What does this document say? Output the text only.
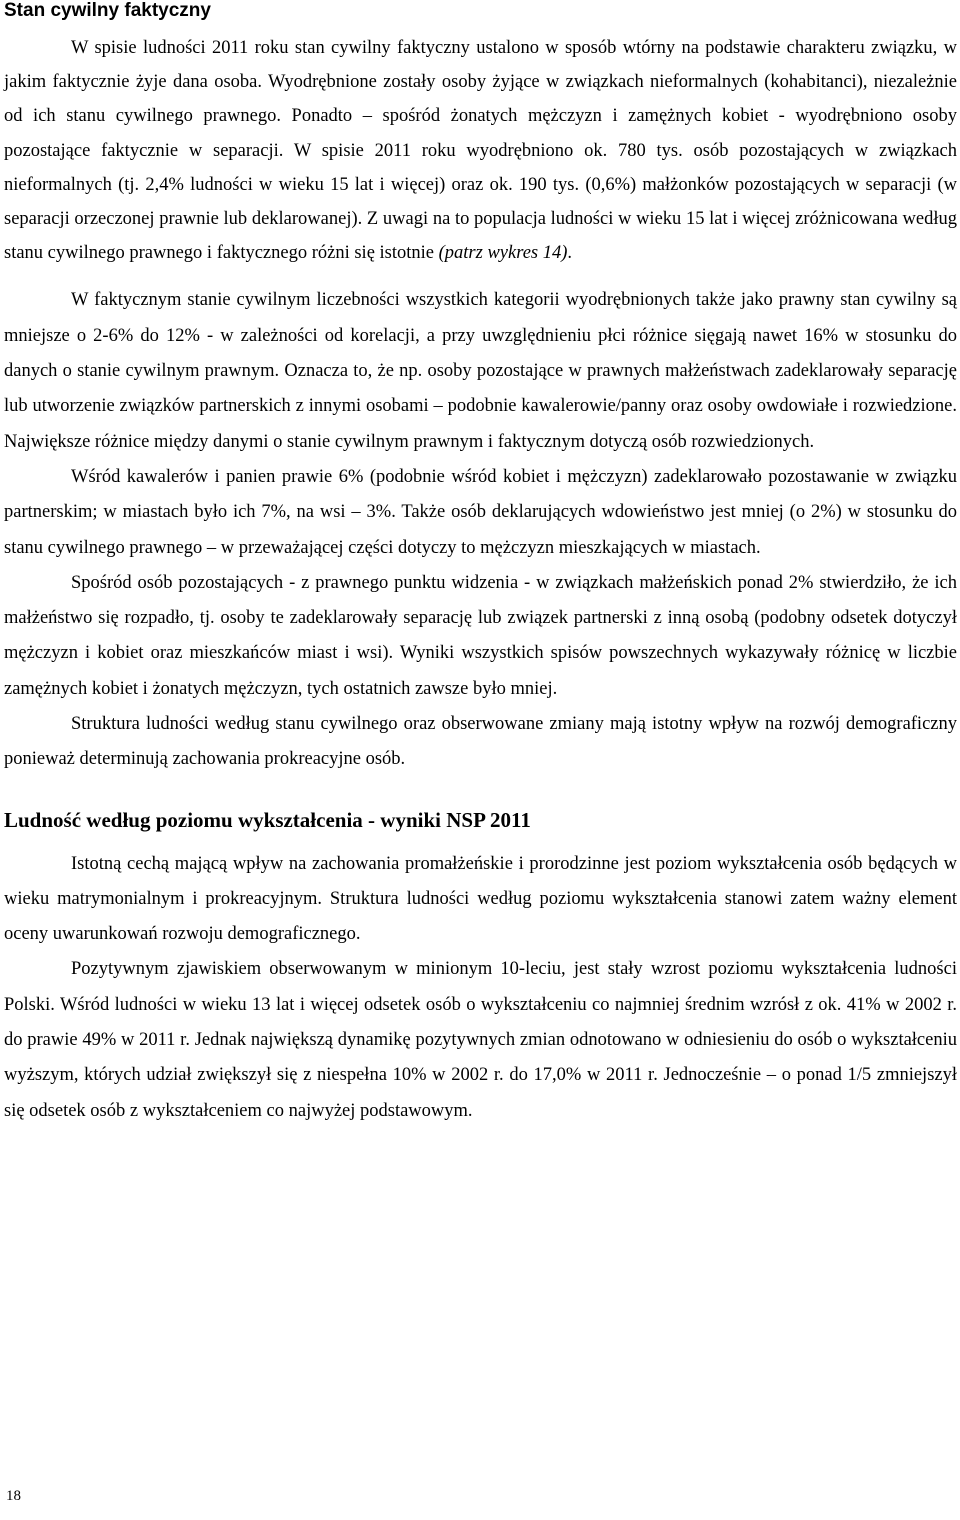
Stan cywilny faktyczny

W spisie ludności 2011 roku stan cywilny faktyczny ustalono w sposób wtórny na podstawie charakteru związku, w jakim faktycznie żyje dana osoba. Wyodrębnione zostały osoby żyjące w związkach nieformalnych (kohabitanci), niezależnie od ich stanu cywilnego prawnego. Ponadto – spośród żonatych mężczyzn i zamężnych kobiet - wyodrębniono osoby pozostające faktycznie w separacji. W spisie 2011 roku wyodrębniono ok. 780 tys. osób pozostających w związkach nieformalnych (tj. 2,4% ludności w wieku 15 lat i więcej) oraz ok. 190 tys. (0,6%) małżonków pozostających w separacji (w separacji orzeczonej prawnie lub deklarowanej). Z uwagi na to populacja ludności w wieku 15 lat i więcej zróżnicowana według stanu cywilnego prawnego i faktycznego różni się istotnie (patrz wykres 14).

W faktycznym stanie cywilnym liczebności wszystkich kategorii wyodrębnionych także jako prawny stan cywilny są mniejsze o 2-6% do 12% - w zależności od korelacji, a przy uwzględnieniu płci różnice sięgają nawet 16% w stosunku do danych o stanie cywilnym prawnym. Oznacza to, że np. osoby pozostające w prawnych małżeństwach zadeklarowały separację lub utworzenie związków partnerskich z innymi osobami – podobnie kawalerowie/panny oraz osoby owdowiałe i rozwiedzione. Największe różnice między danymi o stanie cywilnym prawnym i faktycznym dotyczą osób rozwiedzionych.

Wśród kawalerów i panien prawie 6% (podobnie wśród kobiet i mężczyzn) zadeklarowało pozostawanie w związku partnerskim; w miastach było ich 7%, na wsi – 3%. Także osób deklarujących wdowieństwo jest mniej (o 2%) w stosunku do stanu cywilnego prawnego – w przeważającej części dotyczy to mężczyzn mieszkających w miastach.

Spośród osób pozostających - z prawnego punktu widzenia - w związkach małżeńskich ponad 2% stwierdziło, że ich małżeństwo się rozpadło, tj. osoby te zadeklarowały separację lub związek partnerski z inną osobą (podobny odsetek dotyczył mężczyzn i kobiet oraz mieszkańców miast i wsi). Wyniki wszystkich spisów powszechnych wykazywały różnicę w liczbie zamężnych kobiet i żonatych mężczyzn, tych ostatnich zawsze było mniej.

Struktura ludności według stanu cywilnego oraz obserwowane zmiany mają istotny wpływ na rozwój demograficzny ponieważ determinują zachowania prokreacyjne osób.

Ludność według poziomu wykształcenia - wyniki NSP 2011

Istotną cechą mającą wpływ na zachowania promałżeńskie i prorodzinne jest poziom wykształcenia osób będących w wieku matrymonialnym i prokreacyjnym. Struktura ludności według poziomu wykształcenia stanowi zatem ważny element oceny uwarunkowań rozwoju demograficznego.

Pozytywnym zjawiskiem obserwowanym w minionym 10-leciu, jest stały wzrost poziomu wykształcenia ludności Polski. Wśród ludności w wieku 13 lat i więcej odsetek osób o wykształceniu co najmniej średnim wzrósł z ok. 41% w 2002 r. do prawie 49% w 2011 r. Jednak największą dynamikę pozytywnych zmian odnotowano w odniesieniu do osób o wykształceniu wyższym, których udział zwiększył się z niespełna 10% w 2002 r. do 17,0% w 2011 r. Jednocześnie – o ponad 1/5 zmniejszył się odsetek osób z wykształceniem co najwyżej podstawowym.

18
